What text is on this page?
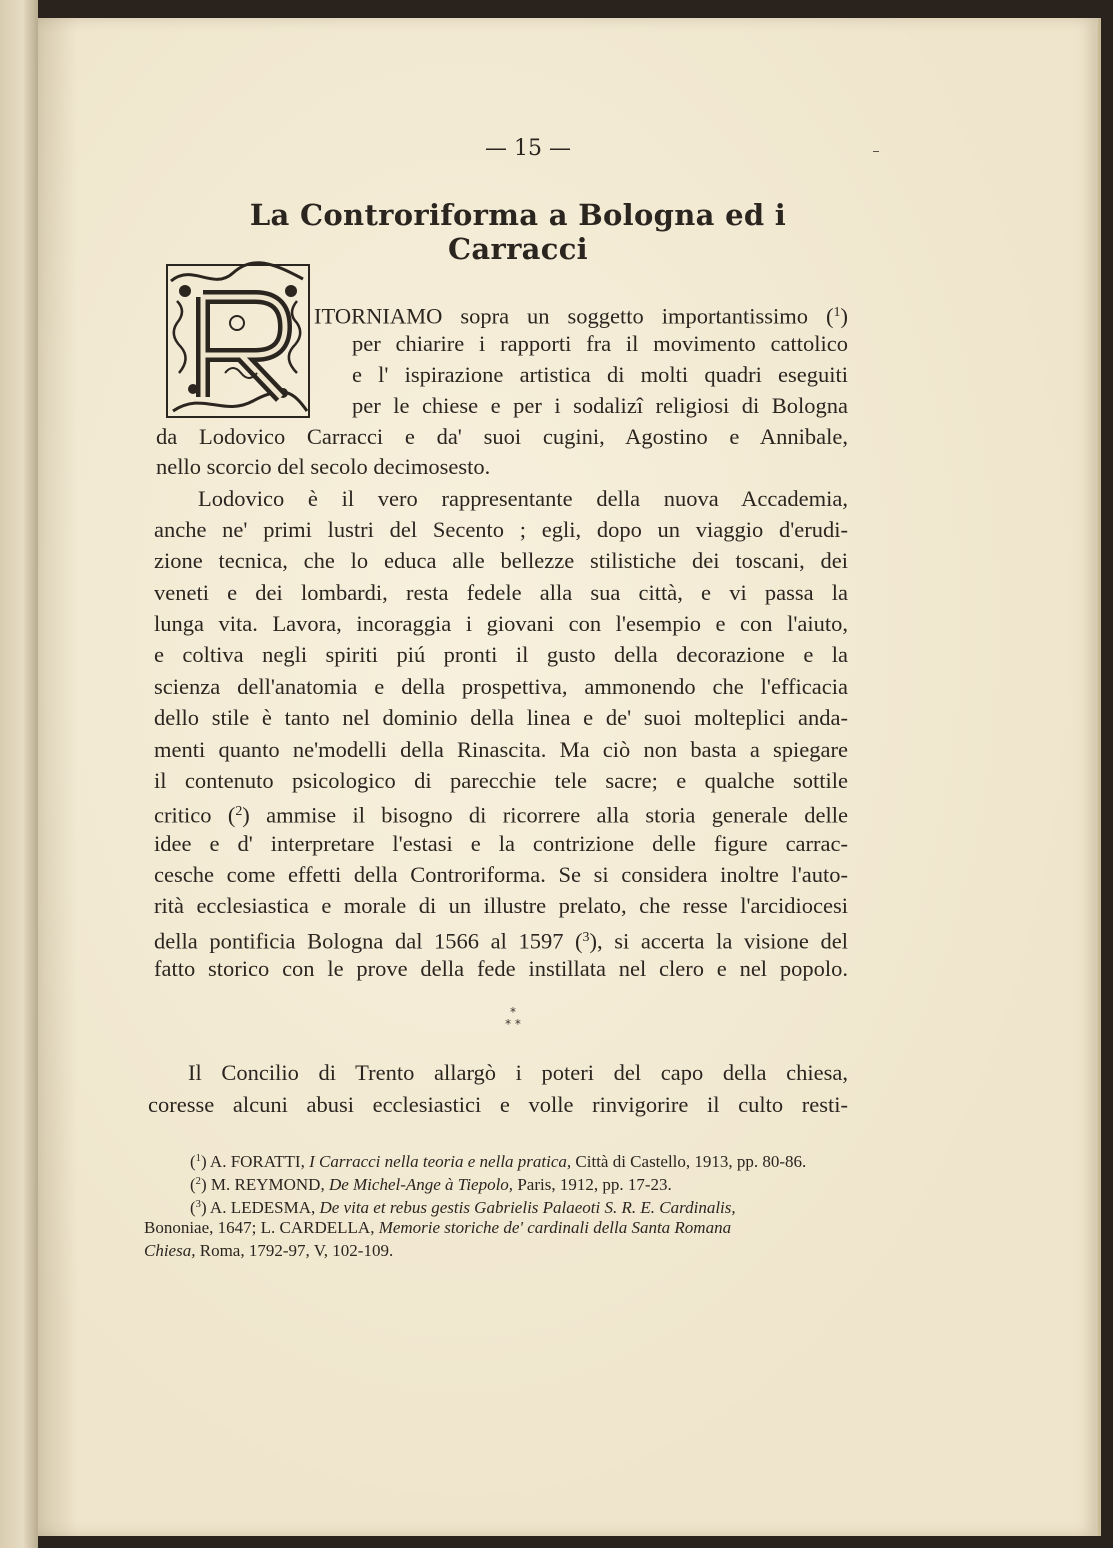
— 15 —
La Controriforma a Bologna ed i Carracci
ITORNIAMO sopra un soggetto importantissimo ($^1$)
per chiarire i rapporti fra il movimento cattolico
e l' ispirazione artistica di molti quadri eseguiti
per le chiese e per i sodalizî religiosi di Bologna
da Lodovico Carracci e da' suoi cugini, Agostino e Annibale,
nello scorcio del secolo decimosesto.
Lodovico è il vero rappresentante della nuova Accademia,
anche ne' primi lustri del Secento ; egli, dopo un viaggio d'erudi-
zione tecnica, che lo educa alle bellezze stilistiche dei toscani, dei
veneti e dei lombardi, resta fedele alla sua città, e vi passa la
lunga vita. Lavora, incoraggia i giovani con l'esempio e con l'aiuto,
e coltiva negli spiriti piú pronti il gusto della decorazione e la
scienza dell'anatomia e della prospettiva, ammonendo che l'efficacia
dello stile è tanto nel dominio della linea e de' suoi molteplici anda-
menti quanto ne'modelli della Rinascita. Ma ciò non basta a spiegare
il contenuto psicologico di parecchie tele sacre; e qualche sottile
critico ($^2$) ammise il bisogno di ricorrere alla storia generale delle
idee e d' interpretare l'estasi e la contrizione delle figure carrac-
cesche come effetti della Controriforma. Se si considera inoltre l'auto-
rità ecclesiastica e morale di un illustre prelato, che resse l'arcidiocesi
della pontificia Bologna dal 1566 al 1597 ($^3$), si accerta la visione del
fatto storico con le prove della fede instillata nel clero e nel popolo.
*
* *
Il Concilio di Trento allargò i poteri del capo della chiesa,
coresse alcuni abusi ecclesiastici e volle rinvigorire il culto resti-
($^1$) A. FORATTI, I Carracci nella teoria e nella pratica, Città di Castello, 1913, pp. 80-86.
($^2$) M. REYMOND, De Michel-Ange à Tiepolo, Paris, 1912, pp. 17-23.
($^3$) A. LEDESMA, De vita et rebus gestis Gabrielis Palaeoti S. R. E. Cardinalis,
Bononiae, 1647; L. CARDELLA, Memorie storiche de' cardinali della Santa Romana
Chiesa, Roma, 1792-97, V, 102-109.
